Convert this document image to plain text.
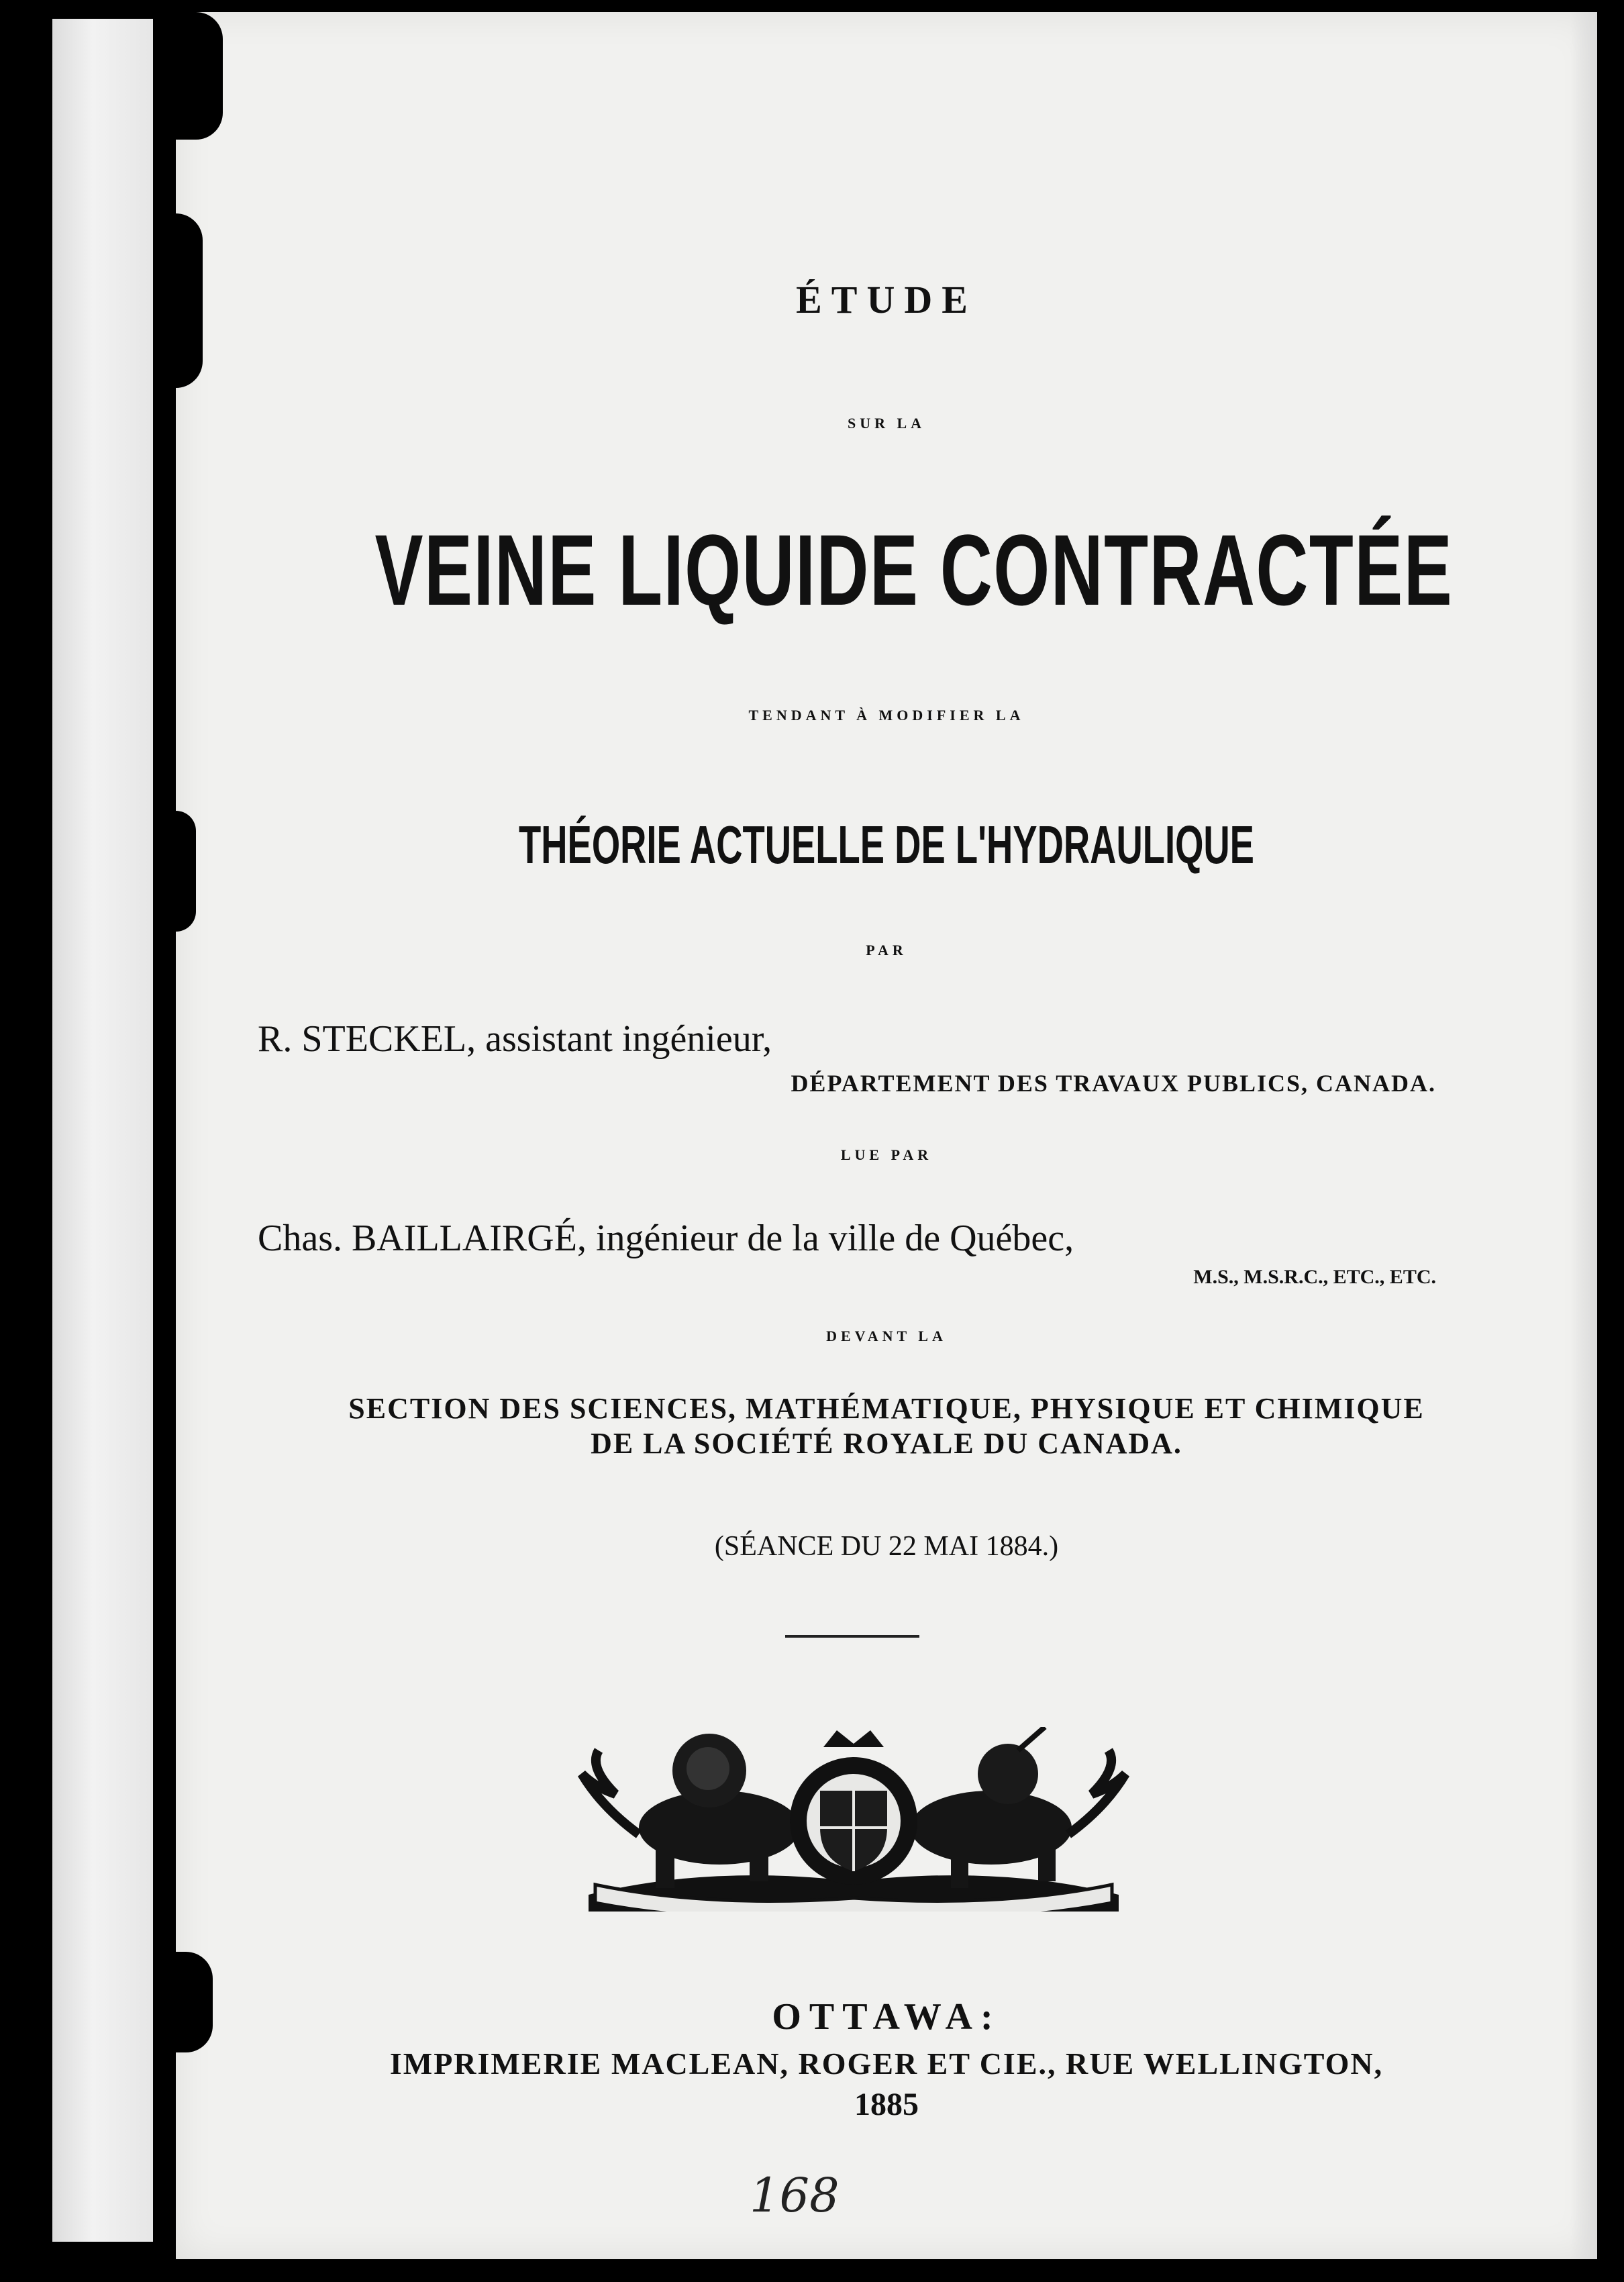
ÉTUDE
SUR LA
VEINE LIQUIDE CONTRACTÉE
TENDANT À MODIFIER LA
THÉORIE ACTUELLE DE L'HYDRAULIQUE
PAR
R. STECKEL, assistant ingénieur,
DÉPARTEMENT DES TRAVAUX PUBLICS, CANADA.
LUE PAR
Chas. BAILLAIRGÉ, ingénieur de la ville de Québec,
M.S., M.S.R.C., ETC., ETC.
DEVANT LA
SECTION DES SCIENCES, MATHÉMATIQUE, PHYSIQUE ET CHIMIQUE
DE LA SOCIÉTÉ ROYALE DU CANADA.
(SÉANCE DU 22 MAI 1884.)
OTTAWA:
IMPRIMERIE MACLEAN, ROGER ET CIE., RUE WELLINGTON,
1885
168
